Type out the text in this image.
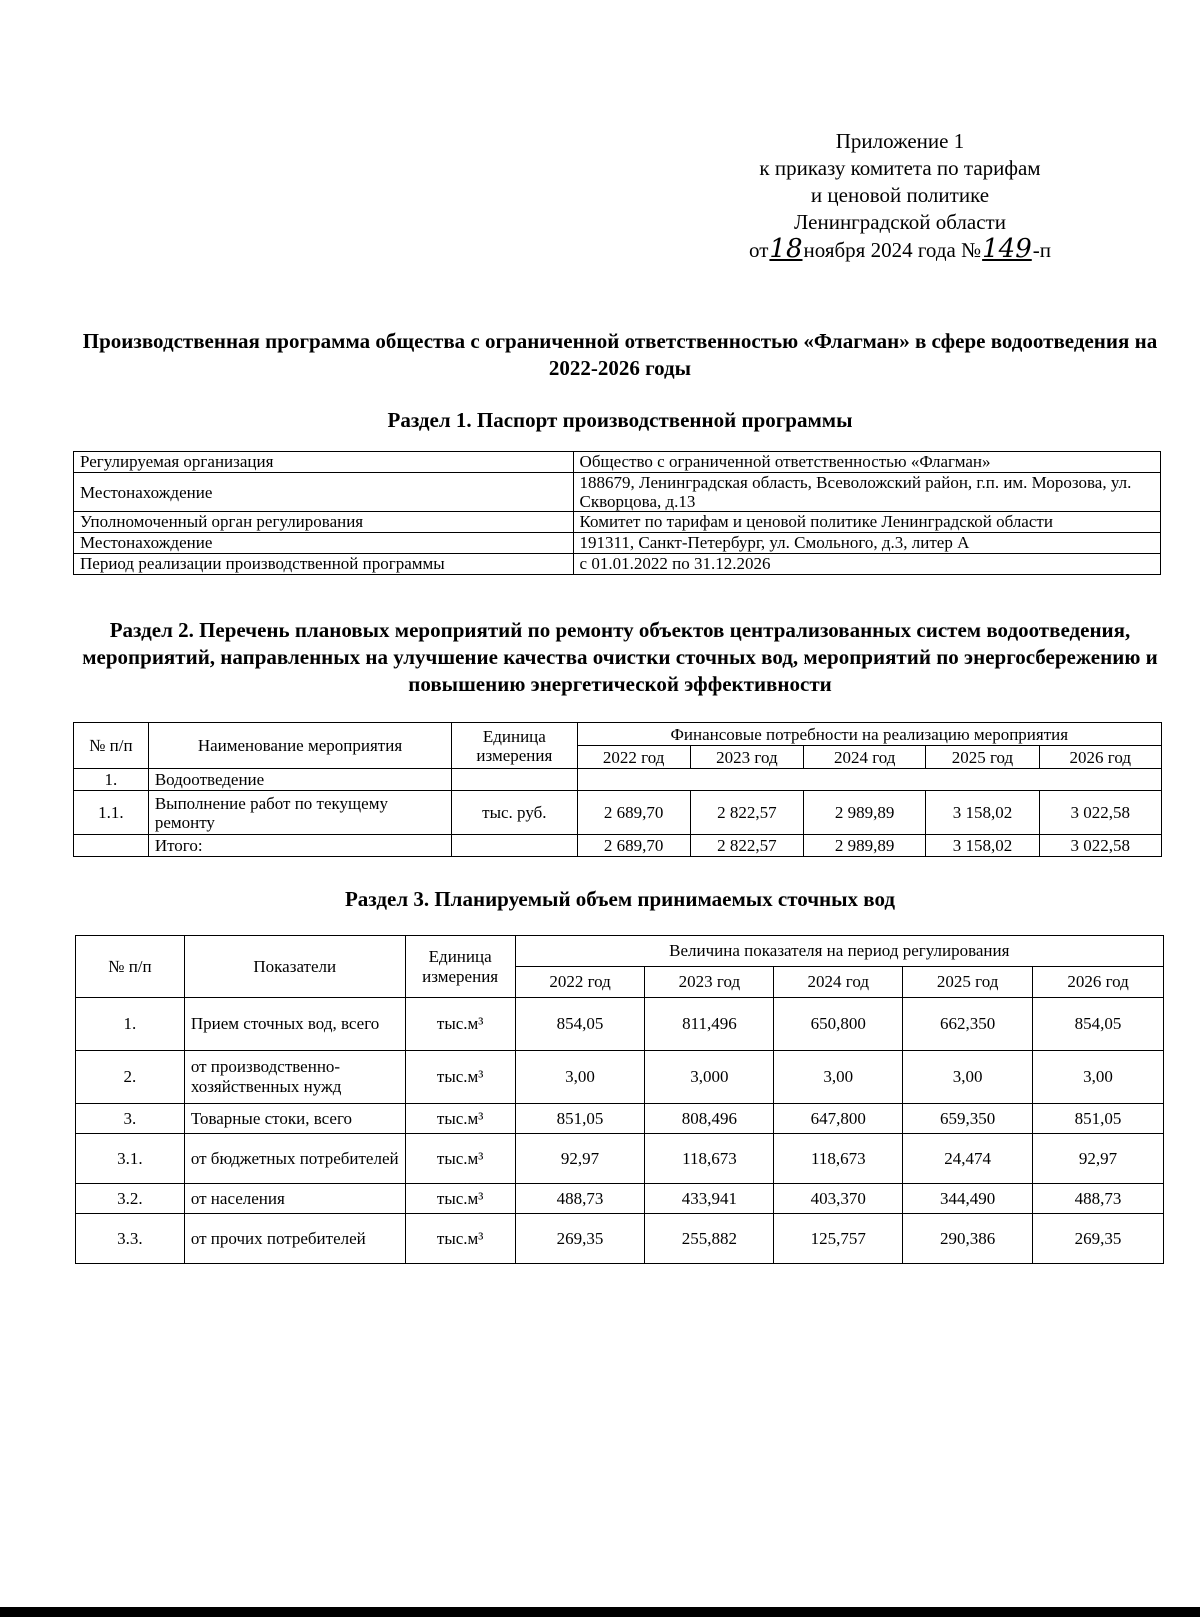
Приложение 1
к приказу комитета по тарифам
и ценовой политике
Ленинградской области
от18ноября 2024 года №149-п
Производственная программа общества с ограниченной ответственностью «Флагман» в сфере водоотведения на 2022-2026 годы
Раздел 1. Паспорт производственной программы
Регулируемая организация	Общество с ограниченной ответственностью «Флагман»
Местонахождение	188679, Ленинградская область, Всеволожский район, г.п. им. Морозова, ул. Скворцова, д.13
Уполномоченный орган регулирования	Комитет по тарифам и ценовой политике Ленинградской области
Местонахождение	191311, Санкт-Петербург, ул. Смольного, д.3, литер А
Период реализации производственной программы	с 01.01.2022 по 31.12.2026
Раздел 2. Перечень плановых мероприятий по ремонту объектов централизованных систем водоотведения, мероприятий, направленных на улучшение качества очистки сточных вод, мероприятий по энергосбережению и повышению энергетической эффективности
№ п/п	Наименование мероприятия	Единица измерения	Финансовые потребности на реализацию мероприятия				
			2022 год	2023 год	2024 год	2025 год	2026 год
1.	Водоотведение						
1.1.	Выполнение работ по текущему ремонту	тыс. руб.	2 689,70	2 822,57	2 989,89	3 158,02	3 022,58
	Итого:		2 689,70	2 822,57	2 989,89	3 158,02	3 022,58
Раздел 3. Планируемый объем принимаемых сточных вод
№ п/п	Показатели	Единица измерения	Величина показателя на период регулирования				
			2022 год	2023 год	2024 год	2025 год	2026 год
1.	Прием сточных вод, всего	тыс.м³	854,05	811,496	650,800	662,350	854,05
2.	от производственно-хозяйственных нужд	тыс.м³	3,00	3,000	3,00	3,00	3,00
3.	Товарные стоки, всего	тыс.м³	851,05	808,496	647,800	659,350	851,05
3.1.	от бюджетных потребителей	тыс.м³	92,97	118,673	118,673	24,474	92,97
3.2.	от населения	тыс.м³	488,73	433,941	403,370	344,490	488,73
3.3.	от прочих потребителей	тыс.м³	269,35	255,882	125,757	290,386	269,35
